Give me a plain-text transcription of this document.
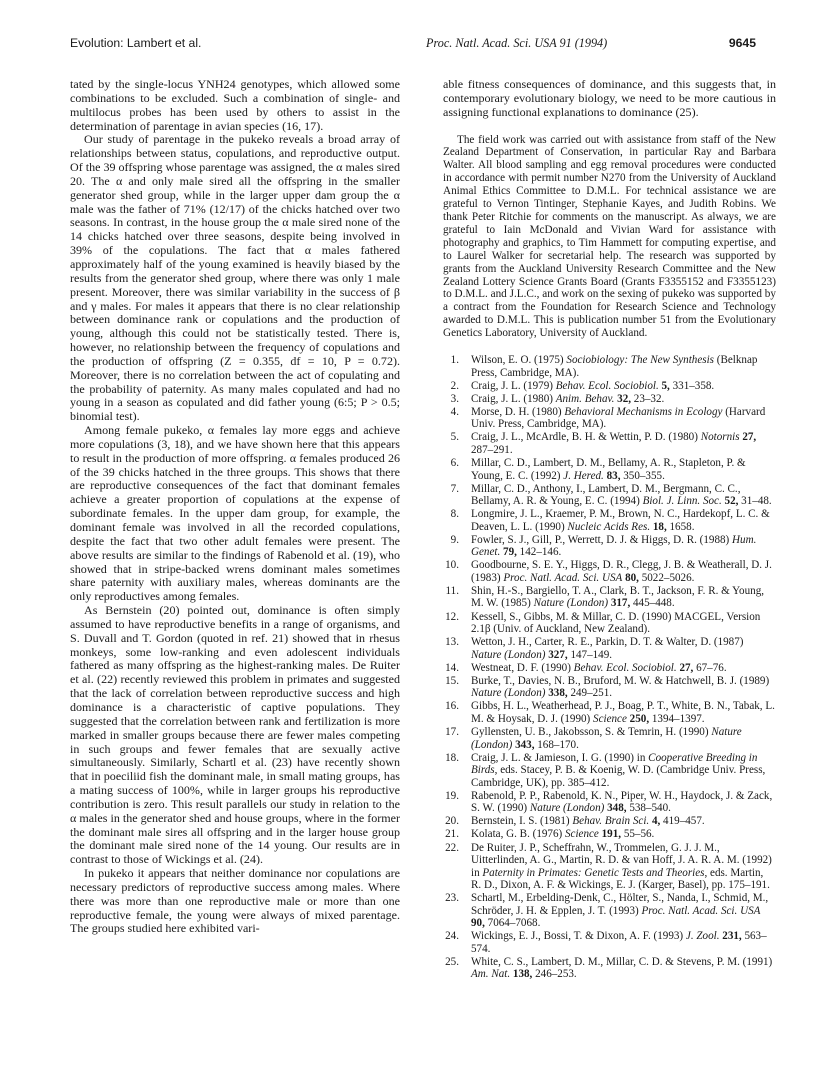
Evolution: Lambert et al.	Proc. Natl. Acad. Sci. USA 91 (1994)	9645

tated by the single-locus YNH24 genotypes, which allowed some combinations to be excluded. Such a combination of single- and multilocus probes has been used by others to assist in the determination of parentage in avian species (16, 17).

Our study of parentage in the pukeko reveals a broad array of relationships between status, copulations, and reproductive output. Of the 39 offspring whose parentage was assigned, the α males sired 20. The α and only male sired all the offspring in the smaller generator shed group, while in the larger upper dam group the α male was the father of 71% (12/17) of the chicks hatched over two seasons. In contrast, in the house group the α male sired none of the 14 chicks hatched over three seasons, despite being involved in 39% of the copulations. The fact that α males fathered approximately half of the young examined is heavily biased by the results from the generator shed group, where there was only 1 male present. Moreover, there was similar variability in the success of β and γ males. For males it appears that there is no clear relationship between dominance rank or copulations and the production of young, although this could not be statistically tested. There is, however, no relationship between the frequency of copulations and the production of offspring (Z = 0.355, df = 10, P = 0.72). Moreover, there is no correlation between the act of copulating and the probability of paternity. As many males copulated and had no young in a season as copulated and did father young (6:5; P > 0.5; binomial test).

Among female pukeko, α females lay more eggs and achieve more copulations (3, 18), and we have shown here that this appears to result in the production of more offspring. α females produced 26 of the 39 chicks hatched in the three groups. This shows that there are reproductive consequences of the fact that dominant females achieve a greater proportion of copulations at the expense of subordinate females. In the upper dam group, for example, the dominant female was involved in all the recorded copulations, despite the fact that two other adult females were present. The above results are similar to the findings of Rabenold et al. (19), who showed that in stripe-backed wrens dominant males sometimes share paternity with auxiliary males, whereas dominants are the only reproductives among females.

As Bernstein (20) pointed out, dominance is often simply assumed to have reproductive benefits in a range of organisms, and S. Duvall and T. Gordon (quoted in ref. 21) showed that in rhesus monkeys, some low-ranking and even adolescent individuals fathered as many offspring as the highest-ranking males. De Ruiter et al. (22) recently reviewed this problem in primates and suggested that the lack of correlation between reproductive success and high dominance is a characteristic of captive populations. They suggested that the correlation between rank and fertilization is more marked in smaller groups because there are fewer males competing in such groups and fewer females that are sexually active simultaneously. Similarly, Schartl et al. (23) have recently shown that in poeciliid fish the dominant male, in small mating groups, has a mating success of 100%, while in larger groups his reproductive contribution is zero. This result parallels our study in relation to the α males in the generator shed and house groups, where in the former the dominant male sires all offspring and in the larger house group the dominant male sired none of the 14 young. Our results are in contrast to those of Wickings et al. (24).

In pukeko it appears that neither dominance nor copulations are necessary predictors of reproductive success among males. Where there was more than one reproductive male or more than one reproductive female, the young were always of mixed parentage. The groups studied here exhibited vari-

able fitness consequences of dominance, and this suggests that, in contemporary evolutionary biology, we need to be more cautious in assigning functional explanations to dominance (25).

The field work was carried out with assistance from staff of the New Zealand Department of Conservation, in particular Ray and Barbara Walter. All blood sampling and egg removal procedures were conducted in accordance with permit number N270 from the University of Auckland Animal Ethics Committee to D.M.L. For technical assistance we are grateful to Vernon Tintinger, Stephanie Kayes, and Judith Robins. We thank Peter Ritchie for comments on the manuscript. As always, we are grateful to Iain McDonald and Vivian Ward for assistance with photography and graphics, to Tim Hammett for computing expertise, and to Laurel Walker for secretarial help. The research was supported by grants from the Auckland University Research Committee and the New Zealand Lottery Science Grants Board (Grants F3355152 and F3355123) to D.M.L. and J.L.C., and work on the sexing of pukeko was supported by a contract from the Foundation for Research Science and Technology awarded to D.M.L. This is publication number 51 from the Evolutionary Genetics Laboratory, University of Auckland.

1. Wilson, E. O. (1975) Sociobiology: The New Synthesis (Belknap Press, Cambridge, MA).
2. Craig, J. L. (1979) Behav. Ecol. Sociobiol. 5, 331–358.
3. Craig, J. L. (1980) Anim. Behav. 32, 23–32.
4. Morse, D. H. (1980) Behavioral Mechanisms in Ecology (Harvard Univ. Press, Cambridge, MA).
5. Craig, J. L., McArdle, B. H. & Wettin, P. D. (1980) Notornis 27, 287–291.
6. Millar, C. D., Lambert, D. M., Bellamy, A. R., Stapleton, P. & Young, E. C. (1992) J. Hered. 83, 350–355.
7. Millar, C. D., Anthony, I., Lambert, D. M., Bergmann, C. C., Bellamy, A. R. & Young, E. C. (1994) Biol. J. Linn. Soc. 52, 31–48.
8. Longmire, J. L., Kraemer, P. M., Brown, N. C., Hardekopf, L. C. & Deaven, L. L. (1990) Nucleic Acids Res. 18, 1658.
9. Fowler, S. J., Gill, P., Werrett, D. J. & Higgs, D. R. (1988) Hum. Genet. 79, 142–146.
10. Goodbourne, S. E. Y., Higgs, D. R., Clegg, J. B. & Weatherall, D. J. (1983) Proc. Natl. Acad. Sci. USA 80, 5022–5026.
11. Shin, H.-S., Bargiello, T. A., Clark, B. T., Jackson, F. R. & Young, M. W. (1985) Nature (London) 317, 445–448.
12. Kessell, S., Gibbs, M. & Millar, C. D. (1990) MACGEL, Version 2.1β (Univ. of Auckland, New Zealand).
13. Wetton, J. H., Carter, R. E., Parkin, D. T. & Walter, D. (1987) Nature (London) 327, 147–149.
14. Westneat, D. F. (1990) Behav. Ecol. Sociobiol. 27, 67–76.
15. Burke, T., Davies, N. B., Bruford, M. W. & Hatchwell, B. J. (1989) Nature (London) 338, 249–251.
16. Gibbs, H. L., Weatherhead, P. J., Boag, P. T., White, B. N., Tabak, L. M. & Hoysak, D. J. (1990) Science 250, 1394–1397.
17. Gyllensten, U. B., Jakobsson, S. & Temrin, H. (1990) Nature (London) 343, 168–170.
18. Craig, J. L. & Jamieson, I. G. (1990) in Cooperative Breeding in Birds, eds. Stacey, P. B. & Koenig, W. D. (Cambridge Univ. Press, Cambridge, UK), pp. 385–412.
19. Rabenold, P. P., Rabenold, K. N., Piper, W. H., Haydock, J. & Zack, S. W. (1990) Nature (London) 348, 538–540.
20. Bernstein, I. S. (1981) Behav. Brain Sci. 4, 419–457.
21. Kolata, G. B. (1976) Science 191, 55–56.
22. De Ruiter, J. P., Scheffrahn, W., Trommelen, G. J. J. M., Uitterlinden, A. G., Martin, R. D. & van Hoff, J. A. R. A. M. (1992) in Paternity in Primates: Genetic Tests and Theories, eds. Martin, R. D., Dixon, A. F. & Wickings, E. J. (Karger, Basel), pp. 175–191.
23. Schartl, M., Erbelding-Denk, C., Hölter, S., Nanda, I., Schmid, M., Schröder, J. H. & Epplen, J. T. (1993) Proc. Natl. Acad. Sci. USA 90, 7064–7068.
24. Wickings, E. J., Bossi, T. & Dixon, A. F. (1993) J. Zool. 231, 563–574.
25. White, C. S., Lambert, D. M., Millar, C. D. & Stevens, P. M. (1991) Am. Nat. 138, 246–253.
